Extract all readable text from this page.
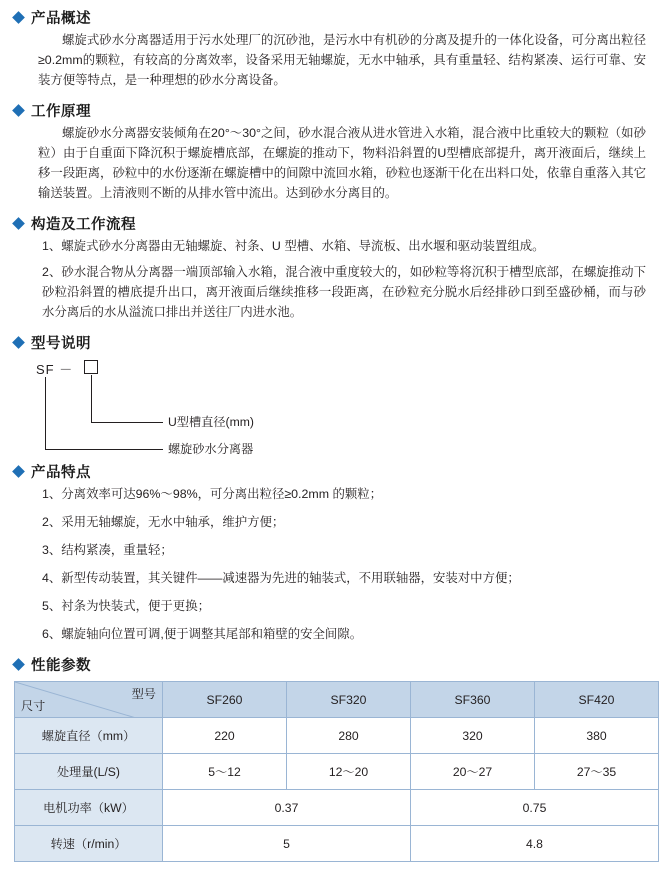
产品概述

螺旋式砂水分离器适用于污水处理厂的沉砂池，是污水中有机砂的分离及提升的一体化设备，可分离出粒径≥0.2mm的颗粒，有较高的分离效率，设备采用无轴螺旋，无水中轴承，具有重量轻、结构紧凑、运行可靠、安装方便等特点，是一种理想的砂水分离设备。

工作原理

螺旋砂水分离器安装倾角在20°～30°之间，砂水混合液从进水管进入水箱，混合液中比重较大的颗粒（如砂粒）由于自重面下降沉积于螺旋槽底部，在螺旋的推动下，物料沿斜置的U型槽底部提升，离开液面后，继续上移一段距离，砂粒中的水份逐渐在螺旋槽中的间隙中流回水箱，砂粒也逐渐干化在出料口处，依靠自重落入其它输送装置。上清液则不断的从排水管中流出。达到砂水分离目的。

构造及工作流程

1、螺旋式砂水分离器由无轴螺旋、衬条、U 型槽、水箱、导流板、出水堰和驱动装置组成。

2、砂水混合物从分离器一端顶部输入水箱，混合液中重度较大的，如砂粒等将沉积于槽型底部，在螺旋推动下砂粒沿斜置的槽底提升出口，离开液面后继续推移一段距离，在砂粒充分脱水后经排砂口到至盛砂桶，而与砂水分离后的水从溢流口排出并送往厂内进水池。

型号说明
SF －
U型槽直径(mm)
螺旋砂水分离器
产品特点

1、分离效率可达96%～98%，可分离出粒径≥0.2mm 的颗粒；

2、采用无轴螺旋，无水中轴承，维护方便；

3、结构紧凑，重量轻；

4、新型传动装置，其关键件——减速器为先进的轴装式，不用联轴器，安装对中方便；

5、衬条为快装式，便于更换；

6、螺旋轴向位置可调,便于调整其尾部和箱壁的安全间隙。

性能参数
型号
尺寸	SF260	SF320	SF360	SF420
螺旋直径（mm）	220	280	320	380
处理量(L/S)	5～12	12～20	20～27	27～35
电机功率（kW）	0.37		0.75	
转速（r/min）	5		4.8	
